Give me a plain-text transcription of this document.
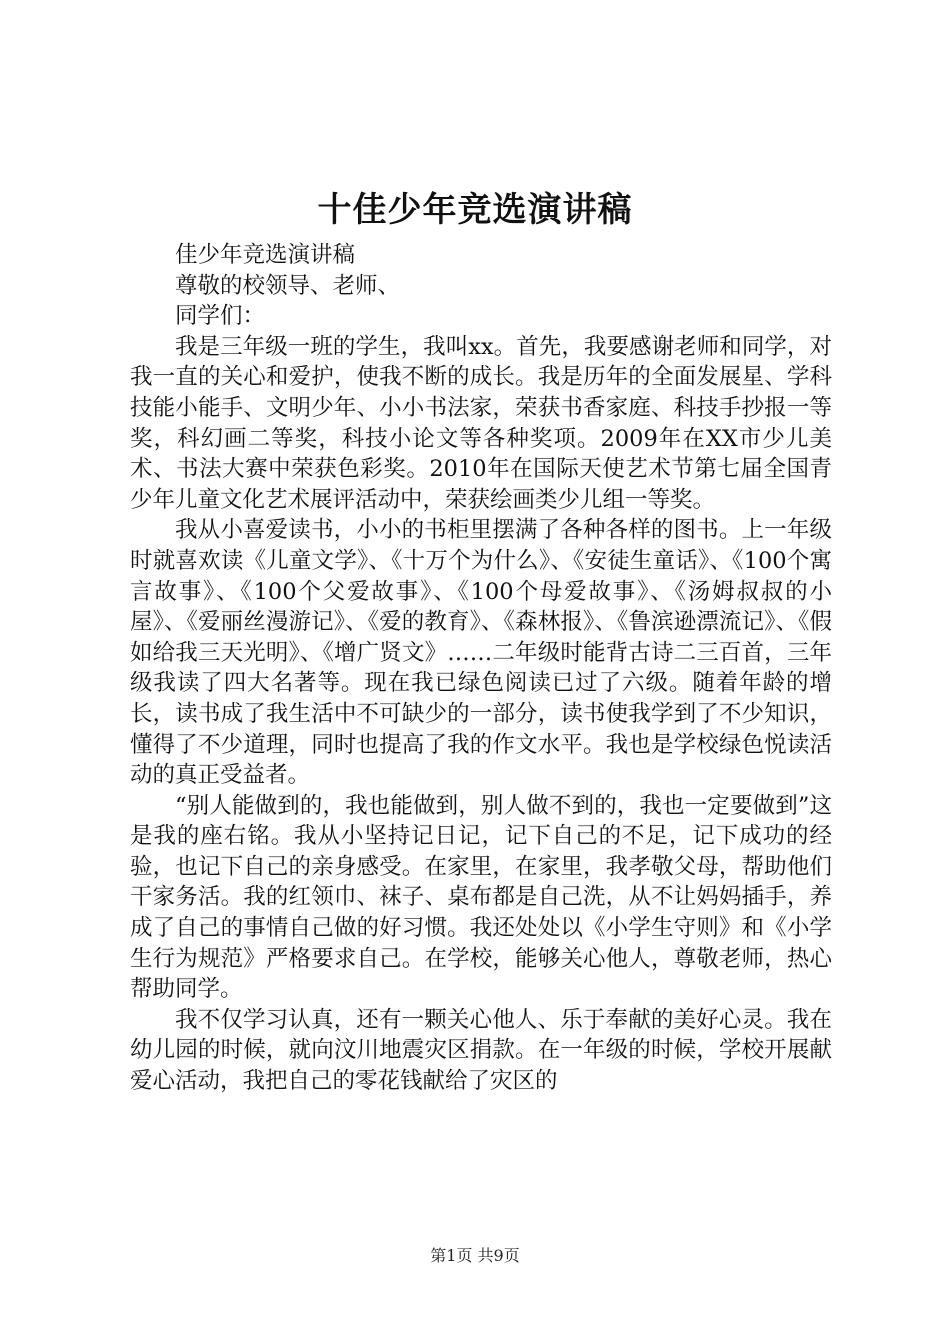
十佳少年竞选演讲稿

佳少年竞选演讲稿

尊敬的校领导、老师、

同学们：

我是三年级一班的学生，我叫xx。首先，我要感谢老师和同学，对我一直的关心和爱护，使我不断的成长。我是历年的全面发展星、学科技能小能手、文明少年、小小书法家，荣获书香家庭、科技手抄报一等奖，科幻画二等奖，科技小论文等各种奖项。2009年在XX市少儿美术、书法大赛中荣获色彩奖。2010年在国际天使艺术节第七届全国青少年儿童文化艺术展评活动中，荣获绘画类少儿组一等奖。

我从小喜爱读书，小小的书柜里摆满了各种各样的图书。上一年级时就喜欢读《儿童文学》、《十万个为什么》、《安徒生童话》、《100个寓言故事》、《100个父爱故事》、《100个母爱故事》、《汤姆叔叔的小屋》、《爱丽丝漫游记》、《爱的教育》、《森林报》、《鲁滨逊漂流记》、《假如给我三天光明》、《增广贤文》……二年级时能背古诗二三百首，三年级我读了四大名著等。现在我已绿色阅读已过了六级。随着年龄的增长，读书成了我生活中不可缺少的一部分，读书使我学到了不少知识，懂得了不少道理，同时也提高了我的作文水平。我也是学校绿色悦读活动的真正受益者。

“别人能做到的，我也能做到，别人做不到的，我也一定要做到”这是我的座右铭。我从小坚持记日记，记下自己的不足，记下成功的经验，也记下自己的亲身感受。在家里，在家里，我孝敬父母，帮助他们干家务活。我的红领巾、袜子、桌布都是自己洗，从不让妈妈插手，养成了自己的事情自己做的好习惯。我还处处以《小学生守则》和《小学生行为规范》严格要求自己。在学校，能够关心他人，尊敬老师，热心帮助同学。

我不仅学习认真，还有一颗关心他人、乐于奉献的美好心灵。我在幼儿园的时候，就向汶川地震灾区捐款。在一年级的时候，学校开展献爱心活动，我把自己的零花钱献给了灾区的

第1页 共9页
